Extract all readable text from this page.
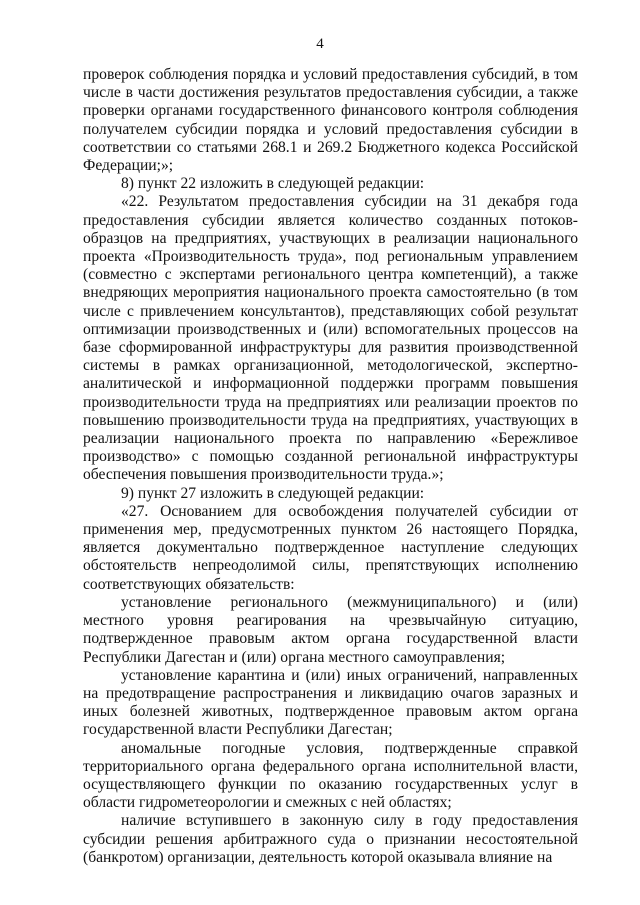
4

проверок соблюдения порядка и условий предоставления субсидий, в том числе в части достижения результатов предоставления субсидии, а также проверки органами государственного финансового контроля соблюдения получателем субсидии порядка и условий предоставления субсидии в соответствии со статьями 268.1 и 269.2 Бюджетного кодекса Российской Федерации;»;

8) пункт 22 изложить в следующей редакции:

«22. Результатом предоставления субсидии на 31 декабря года предоставления субсидии является количество созданных потоков-образцов на предприятиях, участвующих в реализации национального проекта «Производительность труда», под региональным управлением (совместно с экспертами регионального центра компетенций), а также внедряющих мероприятия национального проекта самостоятельно (в том числе с привлечением консультантов), представляющих собой результат оптимизации производственных и (или) вспомогательных процессов на базе сформированной инфраструктуры для развития производственной системы в рамках организационной, методологической, экспертно-аналитической и информационной поддержки программ повышения производительности труда на предприятиях или реализации проектов по повышению производительности труда на предприятиях, участвующих в реализации национального проекта по направлению «Бережливое производство» с помощью созданной региональной инфраструктуры обеспечения повышения производительности труда.»;

9) пункт 27 изложить в следующей редакции:

«27. Основанием для освобождения получателей субсидии от применения мер, предусмотренных пунктом 26 настоящего Порядка, является документально подтвержденное наступление следующих обстоятельств непреодолимой силы, препятствующих исполнению соответствующих обязательств:

установление регионального (межмуниципального) и (или) местного уровня реагирования на чрезвычайную ситуацию, подтвержденное правовым актом органа государственной власти Республики Дагестан и (или) органа местного самоуправления;

установление карантина и (или) иных ограничений, направленных на предотвращение распространения и ликвидацию очагов заразных и иных болезней животных, подтвержденное правовым актом органа государственной власти Республики Дагестан;

аномальные погодные условия, подтвержденные справкой территориального органа федерального органа исполнительной власти, осуществляющего функции по оказанию государственных услуг в области гидрометеорологии и смежных с ней областях;

наличие вступившего в законную силу в году предоставления субсидии решения арбитражного суда о признании несостоятельной (банкротом) организации, деятельность которой оказывала влияние на
